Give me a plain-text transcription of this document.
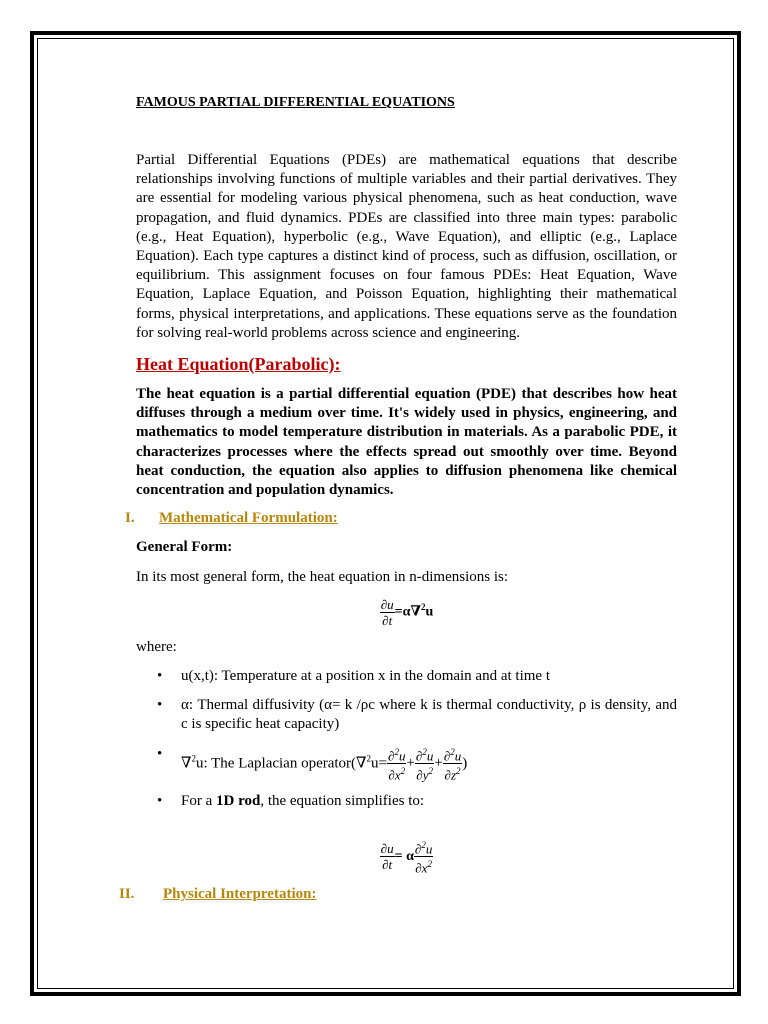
FAMOUS PARTIAL DIFFERENTIAL EQUATIONS

Partial Differential Equations (PDEs) are mathematical equations that describe relationships involving functions of multiple variables and their partial derivatives. They are essential for modeling various physical phenomena, such as heat conduction, wave propagation, and fluid dynamics. PDEs are classified into three main types: parabolic (e.g., Heat Equation), hyperbolic (e.g., Wave Equation), and elliptic (e.g., Laplace Equation). Each type captures a distinct kind of process, such as diffusion, oscillation, or equilibrium. This assignment focuses on four famous PDEs: Heat Equation, Wave Equation, Laplace Equation, and Poisson Equation, highlighting their mathematical forms, physical interpretations, and applications. These equations serve as the foundation for solving real-world problems across science and engineering.

Heat Equation(Parabolic):

The heat equation is a partial differential equation (PDE) that describes how heat diffuses through a medium over time. It's widely used in physics, engineering, and mathematics to model temperature distribution in materials. As a parabolic PDE, it characterizes processes where the effects spread out smoothly over time. Beyond heat conduction, the equation also applies to diffusion phenomena like chemical concentration and population dynamics.

I. Mathematical Formulation:

General Form:

In its most general form, the heat equation in n-dimensions is:

$\frac{\partial u}{\partial t} =\alpha\nabla^2u$

where:

• u(x,t): Temperature at a position x in the domain and at time t
• α: Thermal diffusivity (α= k /ρc where k is thermal conductivity, ρ is density, and c is specific heat capacity)
• ∇$^2$u: The Laplacian operator(∇$^2$u= $\frac{\partial^2u}{\partial x^2} + \frac{\partial^2u}{\partial y^2} + \frac{\partial^2u}{\partial z^2}$ )
• For a 1D rod, the equation simplifies to:
$\frac{\partial u}{\partial t} = \alpha \frac{\partial^2u}{\partial x^2}$

II. Physical Interpretation:
